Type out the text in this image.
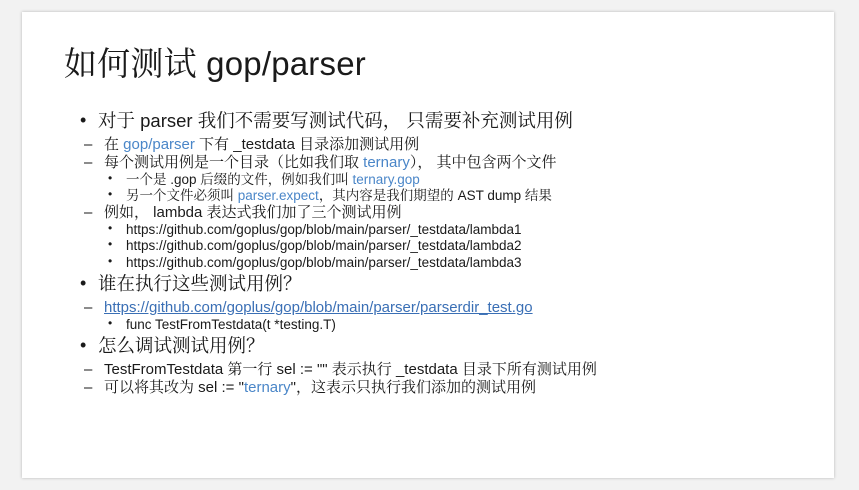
如何测试 gop/parser
• 对于 parser 我们不需要写测试代码， 只需要补充测试用例
– 在 gop/parser 下有 _testdata 目录添加测试用例
– 每个测试用例是一个目录（比如我们取 ternary）， 其中包含两个文件
• 一个是 .gop 后缀的文件，例如我们叫 ternary.gop
• 另一个文件必须叫 parser.expect，其内容是我们期望的 AST dump 结果
– 例如， lambda 表达式我们加了三个测试用例
• https://github.com/goplus/gop/blob/main/parser/_testdata/lambda1
• https://github.com/goplus/gop/blob/main/parser/_testdata/lambda2
• https://github.com/goplus/gop/blob/main/parser/_testdata/lambda3
• 谁在执行这些测试用例？
– https://github.com/goplus/gop/blob/main/parser/parserdir_test.go
• func TestFromTestdata(t *testing.T)
• 怎么调试测试用例？
– TestFromTestdata 第一行 sel := "" 表示执行 _testdata 目录下所有测试用例
– 可以将其改为 sel := "ternary"，这表示只执行我们添加的测试用例
